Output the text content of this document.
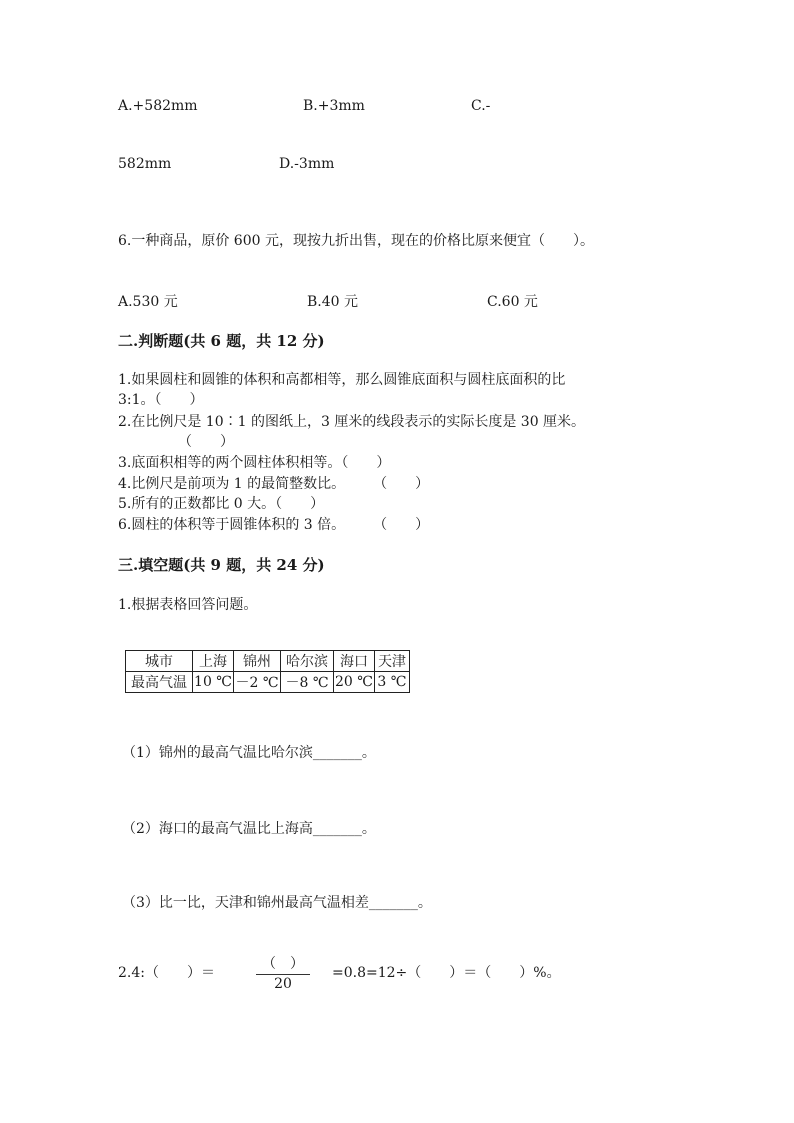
A.+582mm	B.+3mm	C.-
582mm	D.-3mm
6.一种商品，原价 600 元，现按九折出售，现在的价格比原来便宜（　　）。
A.530 元	B.40 元	C.60 元
二.判断题(共 6 题，共 12 分)
1.如果圆柱和圆锥的体积和高都相等，那么圆锥底面积与圆柱底面积的比
3:1。（　　）
2.在比例尺是 10∶1 的图纸上，3 厘米的线段表示的实际长度是 30 厘米。
（　　）
3.底面积相等的两个圆柱体积相等。（　　）
4.比例尺是前项为 1 的最简整数比。　　　（　　）
5.所有的正数都比 0 大。（　　）
6.圆柱的体积等于圆锥体积的 3 倍。　　　（　　）
三.填空题(共 9 题，共 24 分)
1.根据表格回答问题。
城市	上海	锦州	哈尔滨	海口	天津
最高气温	10 ℃	－2 ℃	－8 ℃	20 ℃	3 ℃
（1）锦州的最高气温比哈尔滨_______。
（2）海口的最高气温比上海高_______。
（3）比一比，天津和锦州最高气温相差_______。
2.4:（　　）＝
（　）
20
=0.8=12÷（　　）＝（　　）%。
